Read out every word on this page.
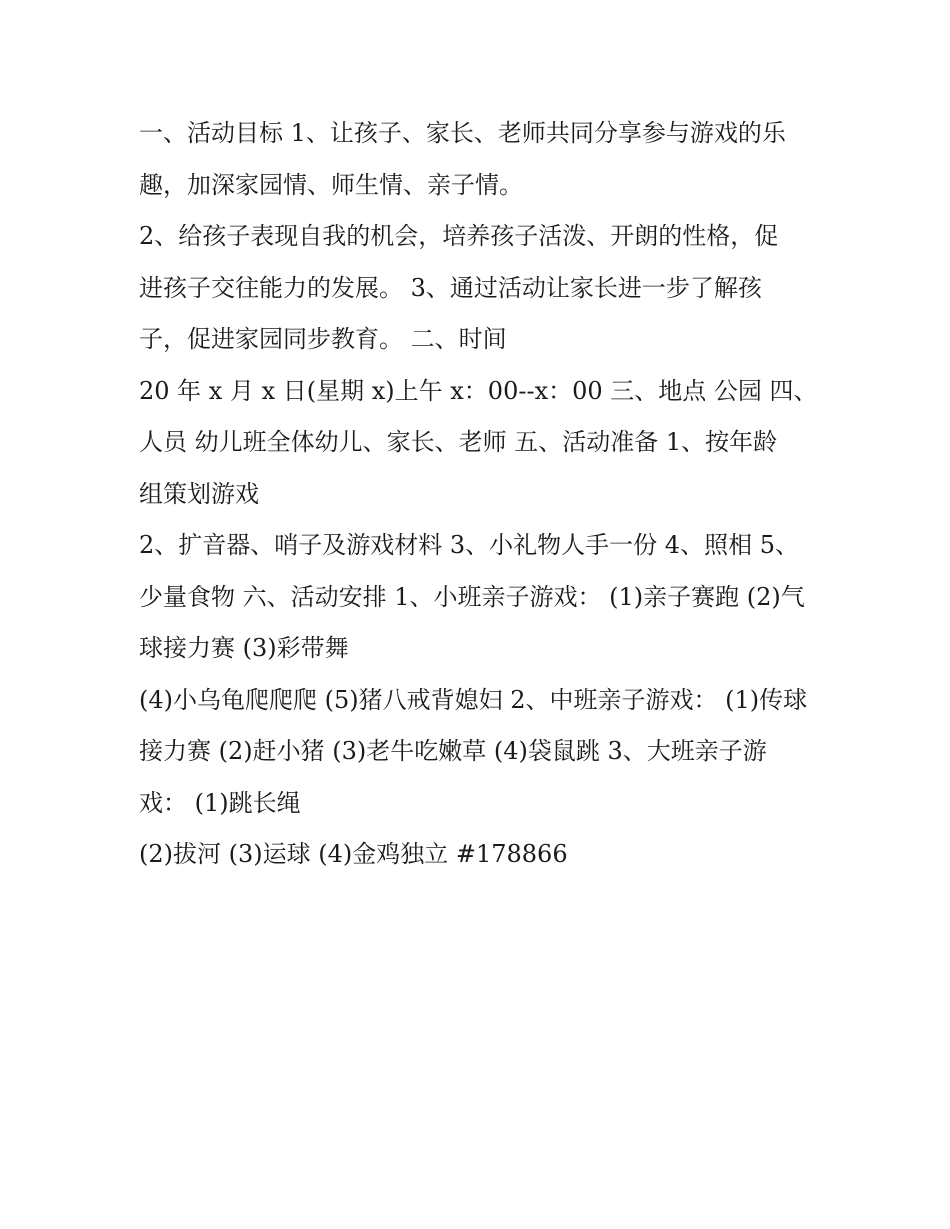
一、活动目标 1、让孩子、家长、老师共同分享参与游戏的乐
趣，加深家园情、师生情、亲子情。
2、给孩子表现自我的机会，培养孩子活泼、开朗的性格，促
进孩子交往能力的发展。 3、通过活动让家长进一步了解孩
子，促进家园同步教育。 二、时间
20 年 x 月 x 日(星期 x)上午 x：00--x：00 三、地点 公园 四、
人员 幼儿班全体幼儿、家长、老师 五、活动准备 1、按年龄
组策划游戏
2、扩音器、哨子及游戏材料 3、小礼物人手一份 4、照相 5、
少量食物 六、活动安排 1、小班亲子游戏： (1)亲子赛跑 (2)气
球接力赛 (3)彩带舞
(4)小乌龟爬爬爬 (5)猪八戒背媳妇 2、中班亲子游戏： (1)传球
接力赛 (2)赶小猪 (3)老牛吃嫩草 (4)袋鼠跳 3、大班亲子游
戏： (1)跳长绳
(2)拔河 (3)运球 (4)金鸡独立 #178866
